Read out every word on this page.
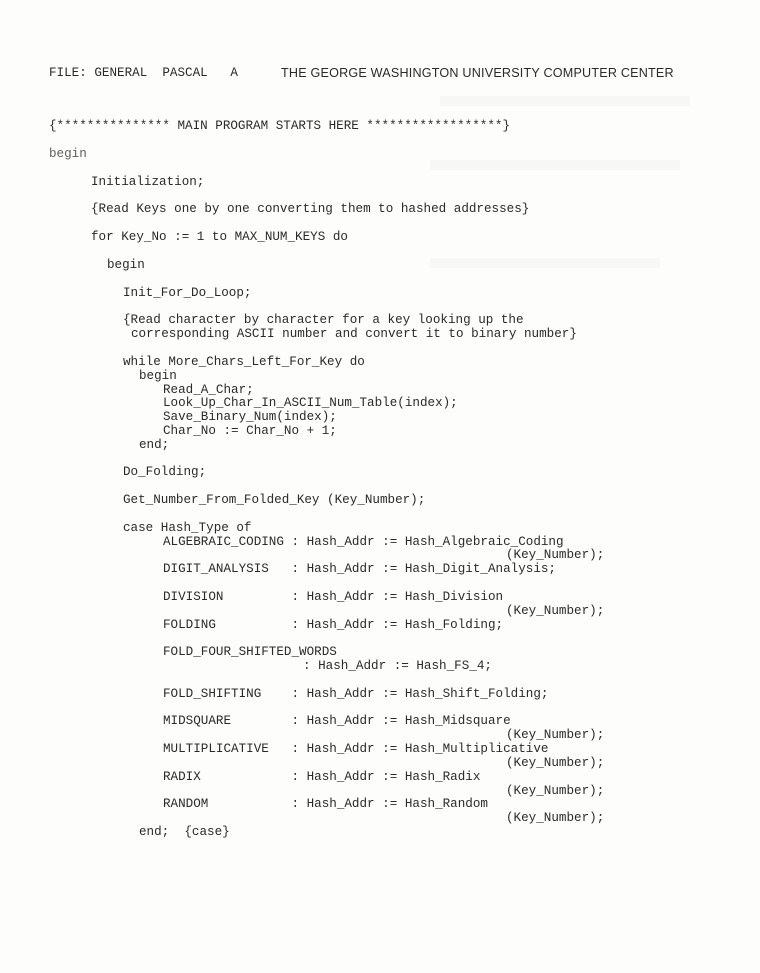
FILE: GENERAL  PASCAL   A	THE GEORGE WASHINGTON UNIVERSITY COMPUTER CENTER
{*************** MAIN PROGRAM STARTS HERE ******************}
begin
Initialization;
{Read Keys one by one converting them to hashed addresses}
for Key_No := 1 to MAX_NUM_KEYS do
begin
Init_For_Do_Loop;
{Read character by character for a key looking up the
corresponding ASCII number and convert it to binary number}
while More_Chars_Left_For_Key do
begin
Read_A_Char;
Look_Up_Char_In_ASCII_Num_Table(index);
Save_Binary_Num(index);
Char_No := Char_No + 1;
end;
Do_Folding;
Get_Number_From_Folded_Key (Key_Number);
case Hash_Type of
ALGEBRAIC_CODING : Hash_Addr := Hash_Algebraic_Coding
(Key_Number);
DIGIT_ANALYSIS   : Hash_Addr := Hash_Digit_Analysis;
DIVISION         : Hash_Addr := Hash_Division
(Key_Number);
FOLDING          : Hash_Addr := Hash_Folding;
FOLD_FOUR_SHIFTED_WORDS
: Hash_Addr := Hash_FS_4;
FOLD_SHIFTING    : Hash_Addr := Hash_Shift_Folding;
MIDSQUARE        : Hash_Addr := Hash_Midsquare
(Key_Number);
MULTIPLICATIVE   : Hash_Addr := Hash_Multiplicative
(Key_Number);
RADIX            : Hash_Addr := Hash_Radix
(Key_Number);
RANDOM           : Hash_Addr := Hash_Random
(Key_Number);
end;  {case}
